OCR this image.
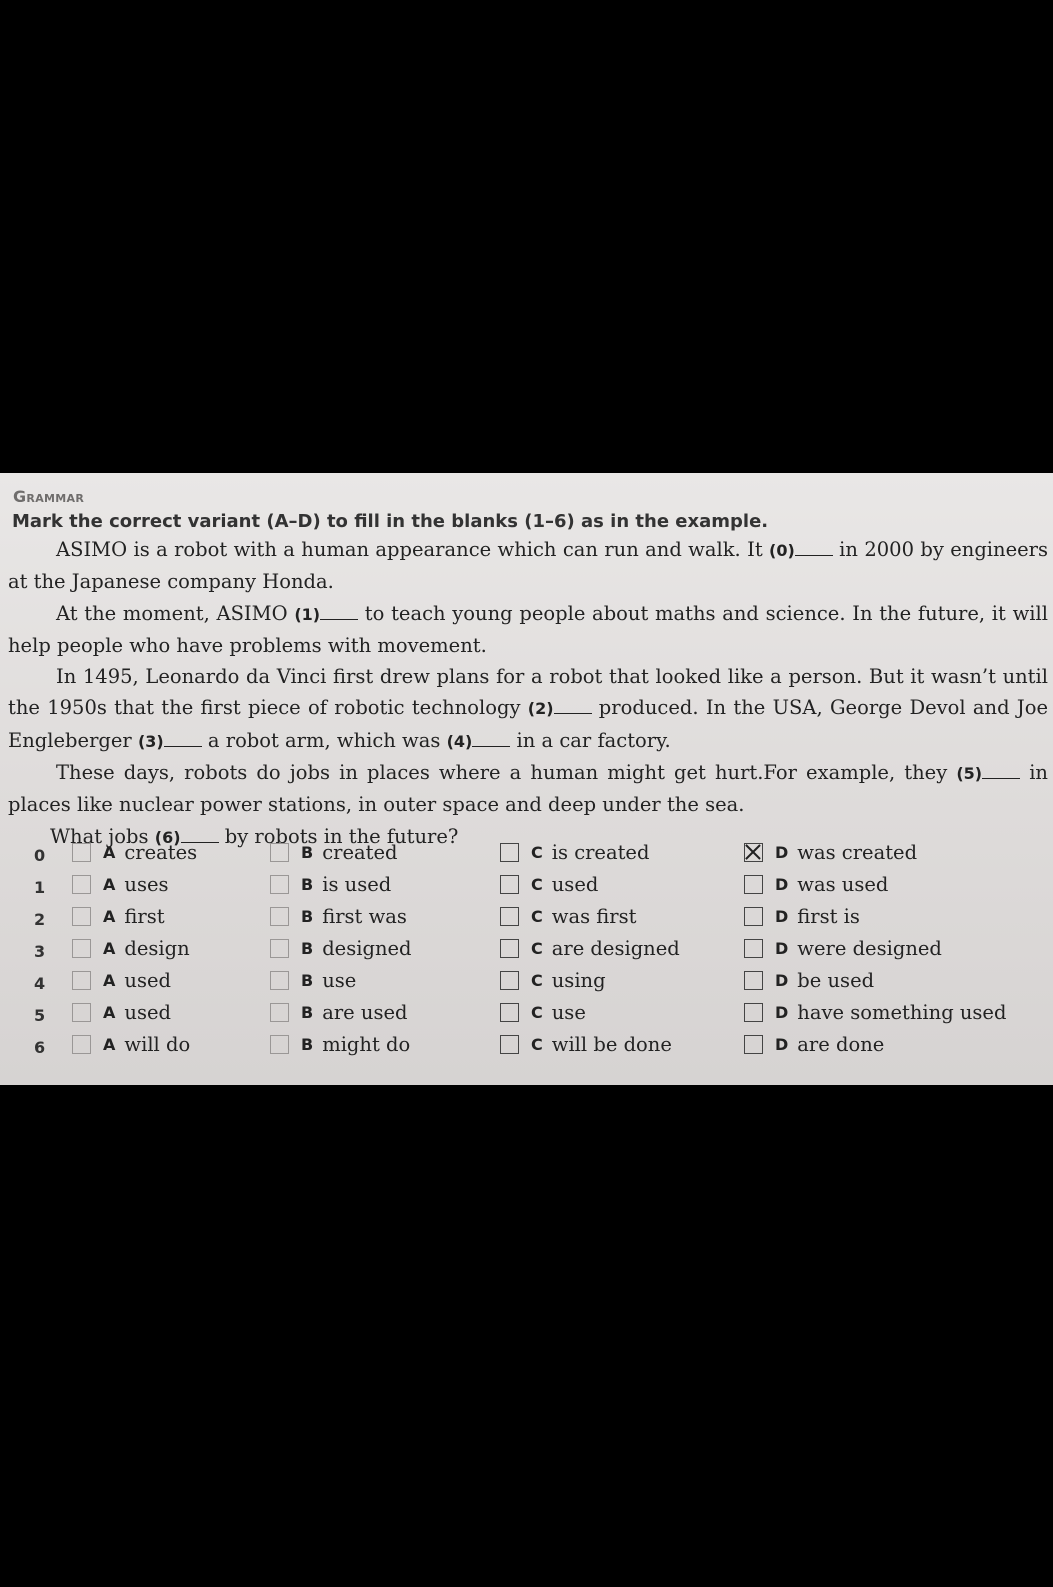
Grammar
Mark the correct variant (A–D) to fill in the blanks (1–6) as in the example.

ASIMO is a robot with a human appearance which can run and walk. It (0) in 2000 by engineers at the Japanese company Honda.

At the moment, ASIMO (1) to teach young people about maths and science. In the future, it will help people who have problems with movement.

In 1495, Leonardo da Vinci first drew plans for a robot that looked like a person. But it wasn’t until the 1950s that the first piece of robotic technology (2) produced. In the USA, George Devol and Joe Engleberger (3) a robot arm, which was (4) in a car factory.

These days, robots do jobs in places where a human might get hurt.For example, they (5) in places like nuclear power stations, in outer space and deep under the sea.

What jobs (6) by robots in the future?

0	A creates	B created	C is created	D was created
1	A uses	B is used	C used	D was used
2	A first	B first was	C was first	D first is
3	A design	B designed	C are designed	D were designed
4	A used	B use	C using	D be used
5	A used	B are used	C use	D have something used
6	A will do	B might do	C will be done	D are done
